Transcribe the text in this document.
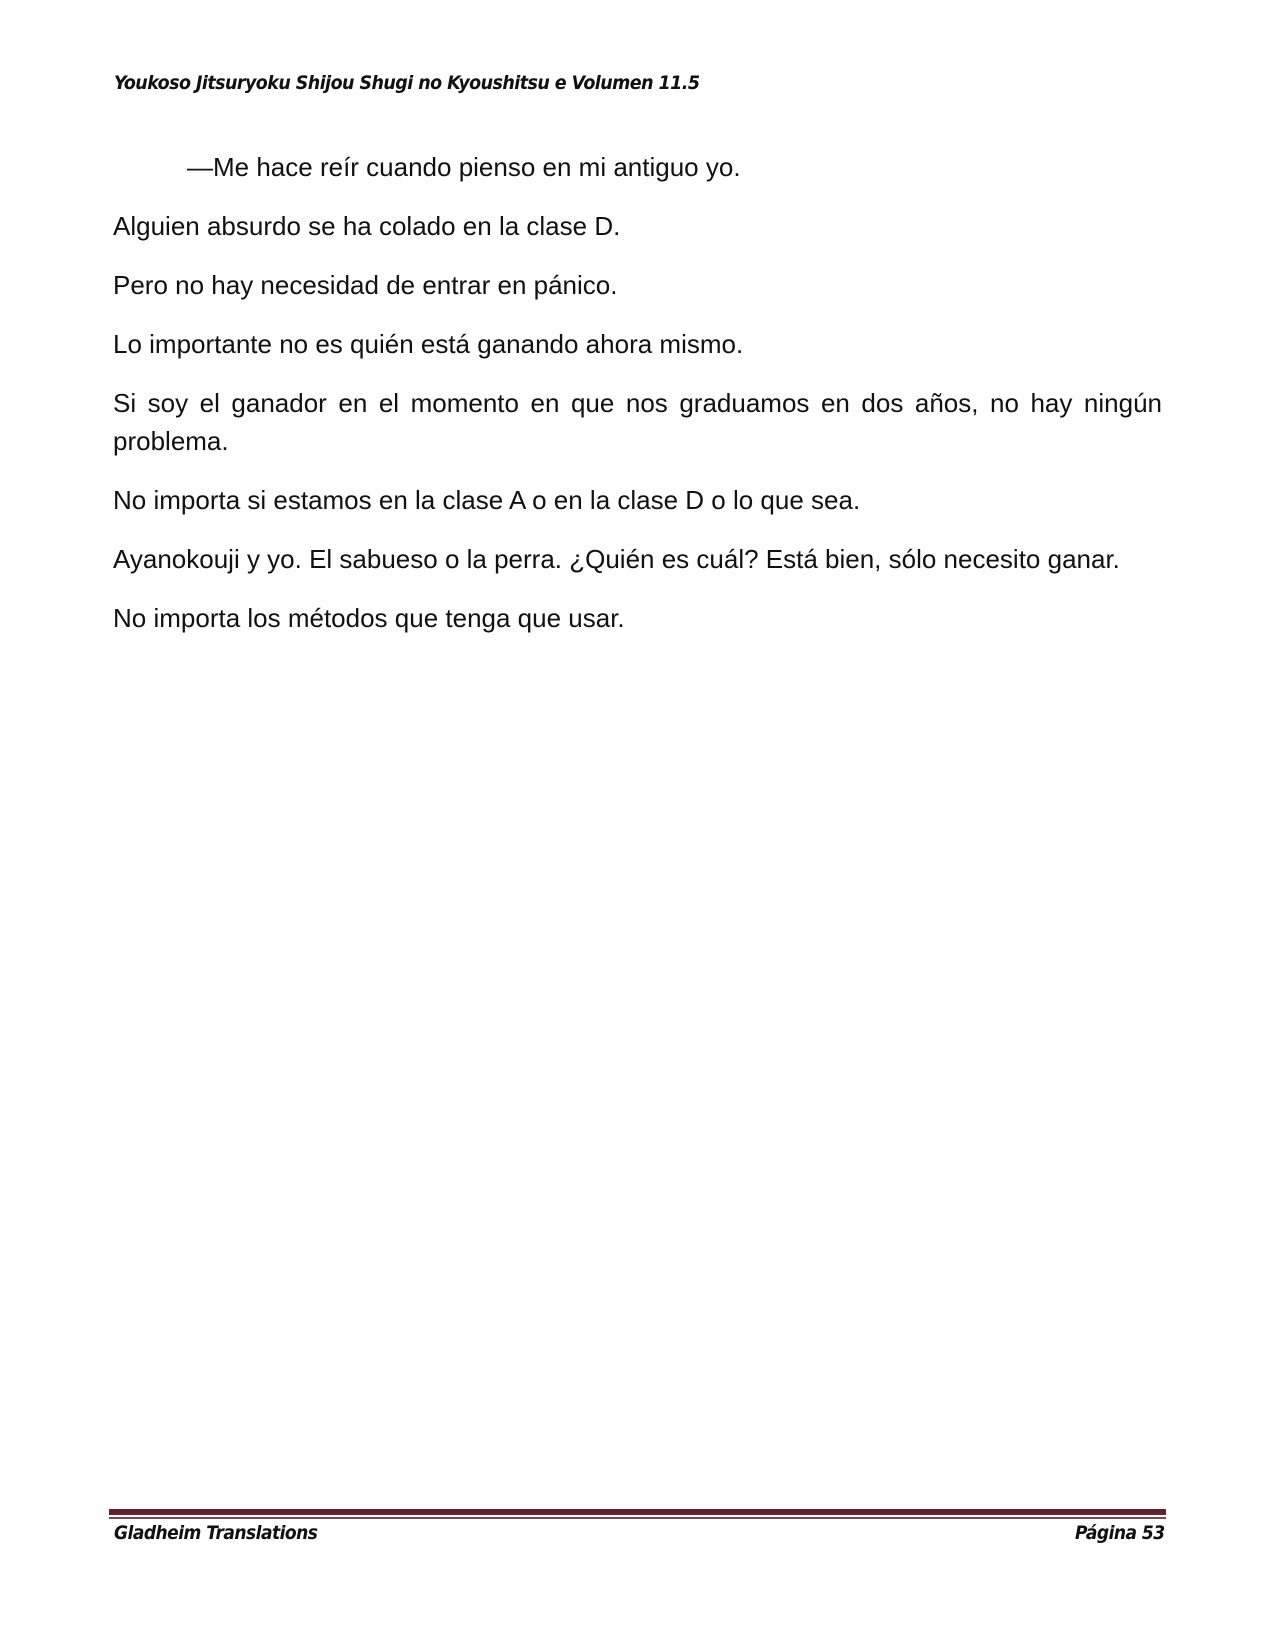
Youkoso Jitsuryoku Shijou Shugi no Kyoushitsu e Volumen 11.5

—Me hace reír cuando pienso en mi antiguo yo.

Alguien absurdo se ha colado en la clase D.

Pero no hay necesidad de entrar en pánico.

Lo importante no es quién está ganando ahora mismo.

Si soy el ganador en el momento en que nos graduamos en dos años, no hay ningún problema.

No importa si estamos en la clase A o en la clase D o lo que sea.

Ayanokouji y yo. El sabueso o la perra. ¿Quién es cuál? Está bien, sólo necesito ganar.

No importa los métodos que tenga que usar.

Gladheim Translations	Página 53
